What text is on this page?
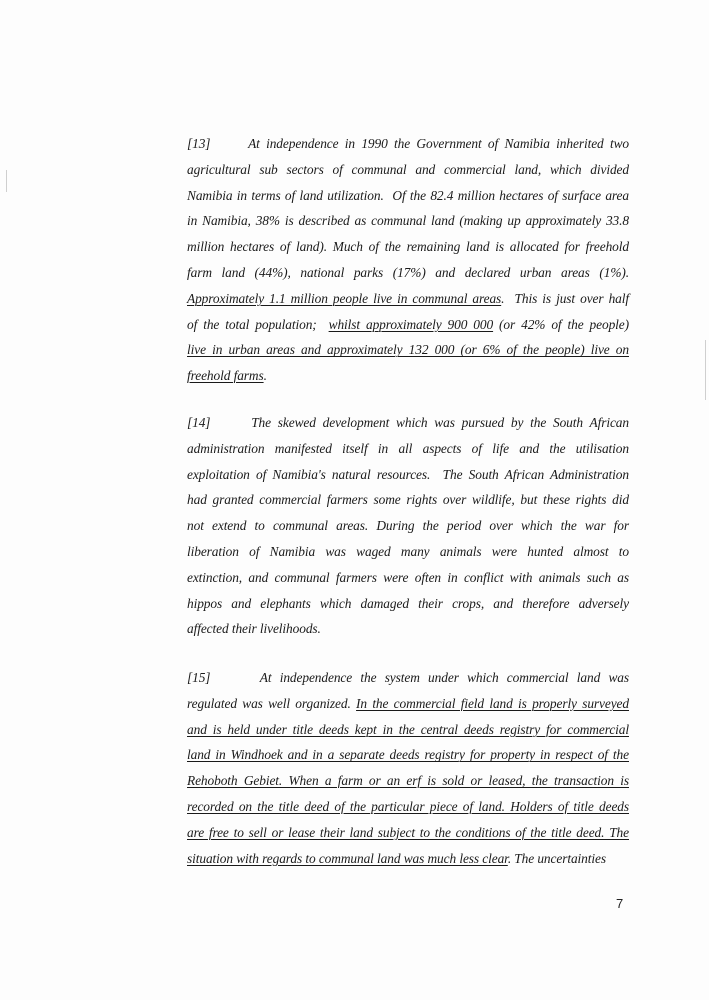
[13]      At independence in 1990 the Government of Namibia inherited two
agricultural sub sectors of communal and commercial land, which divided
Namibia in terms of land utilization.  Of the 82.4 million hectares of surface area
in Namibia, 38% is described as communal land (making up approximately 33.8
million hectares of land). Much of the remaining land is allocated for freehold
farm land (44%), national parks (17%) and declared urban areas (1%).
Approximately 1.1 million people live in communal areas.  This is just over half
of the total population;  whilst approximately 900 000 (or 42% of the people)
live in urban areas and approximately 132 000 (or 6% of the people) live on
freehold farms.
[14]      The skewed development which was pursued by the South African
administration manifested itself in all aspects of life and the utilisation
exploitation of Namibia's natural resources.  The South African Administration
had granted commercial farmers some rights over wildlife, but these rights did
not extend to communal areas. During the period over which the war for
liberation of Namibia was waged many animals were hunted almost to
extinction, and communal farmers were often in conflict with animals such as
hippos and elephants which damaged their crops, and therefore adversely
affected their livelihoods.
[15]      At independence the system under which commercial land was
regulated was well organized. In the commercial field land is properly surveyed
and is held under title deeds kept in the central deeds registry for commercial
land in Windhoek and in a separate deeds registry for property in respect of the
Rehoboth Gebiet. When a farm or an erf is sold or leased, the transaction is
recorded on the title deed of the particular piece of land. Holders of title deeds
are free to sell or lease their land subject to the conditions of the title deed. The
situation with regards to communal land was much less clear. The uncertainties
7
